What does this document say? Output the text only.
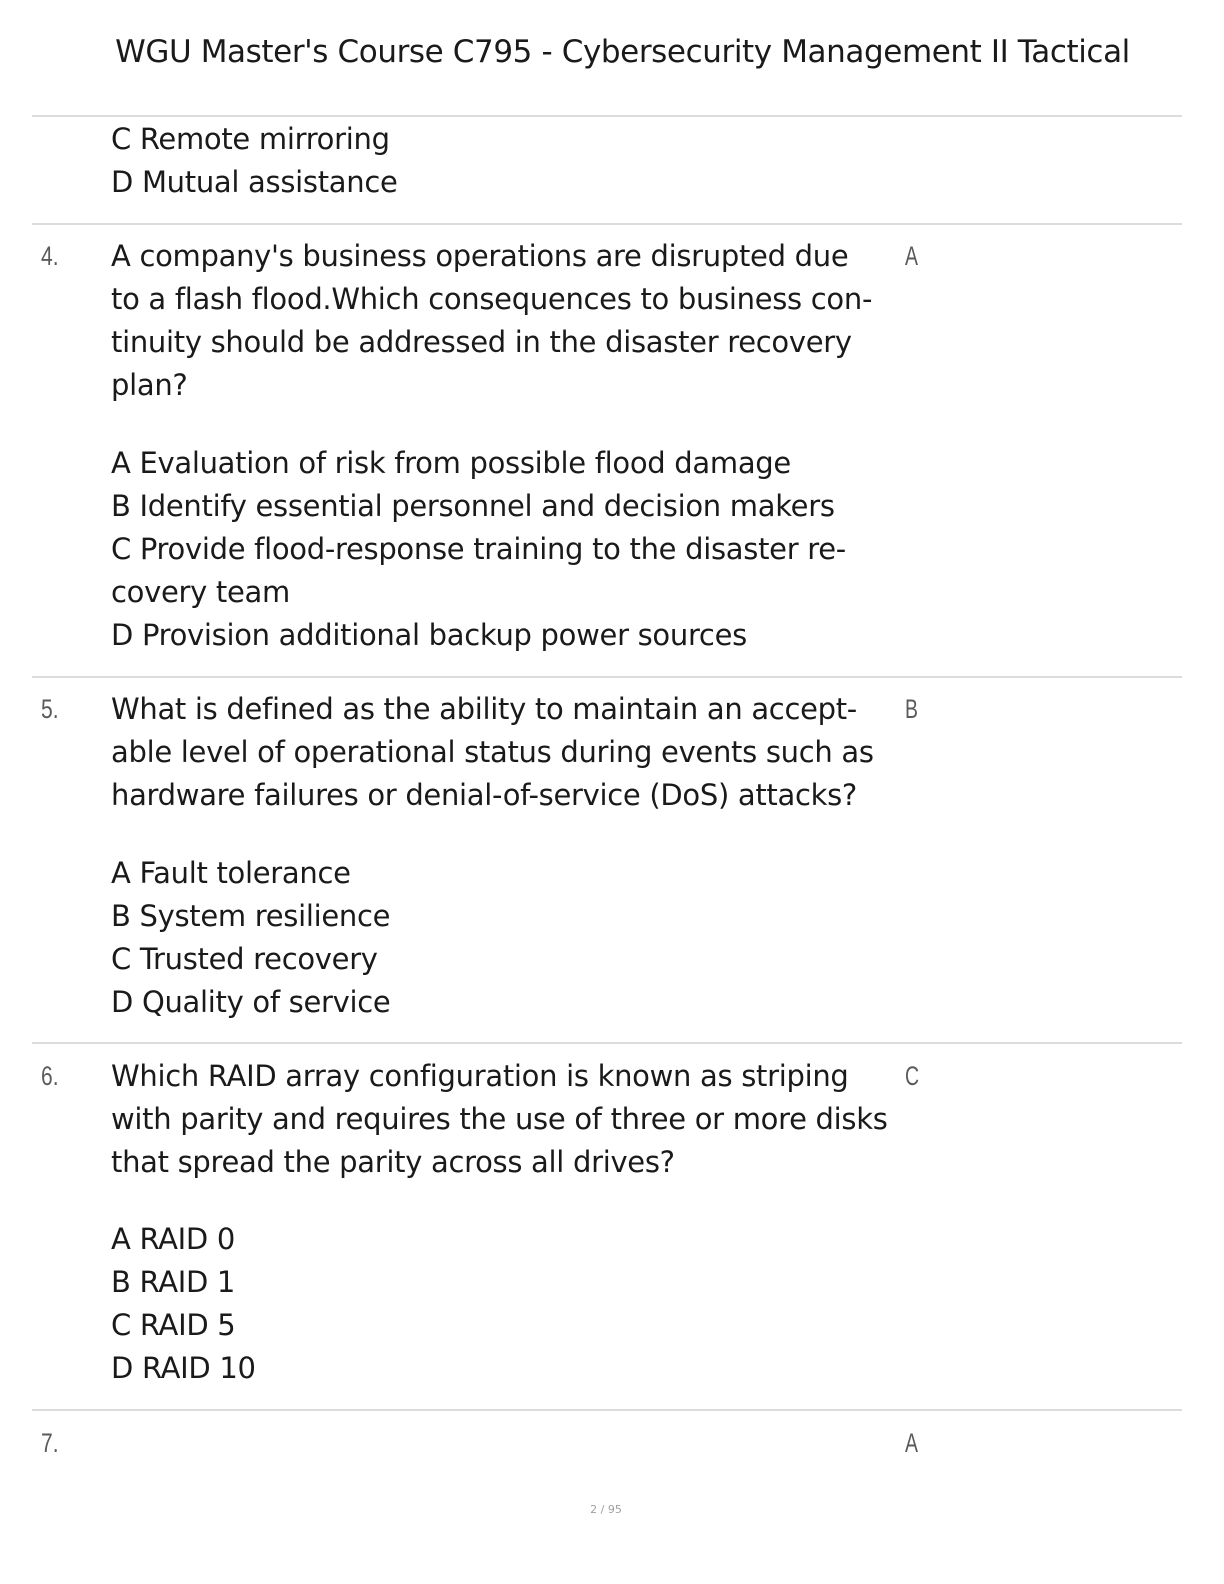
WGU Master's Course C795 - Cybersecurity Management II Tactical
C Remote mirroring
D Mutual assistance
4.	A
A company's business operations are disrupted due
to a flash flood.Which consequences to business con-
tinuity should be addressed in the disaster recovery
plan?
A Evaluation of risk from possible flood damage
B Identify essential personnel and decision makers
C Provide flood-response training to the disaster re-
covery team
D Provision additional backup power sources
5.	B
What is defined as the ability to maintain an accept-
able level of operational status during events such as
hardware failures or denial-of-service (DoS) attacks?
A Fault tolerance
B System resilience
C Trusted recovery
D Quality of service
6.	C
Which RAID array configuration is known as striping
with parity and requires the use of three or more disks
that spread the parity across all drives?
A RAID 0
B RAID 1
C RAID 5
D RAID 10
7.	A
2 / 95
